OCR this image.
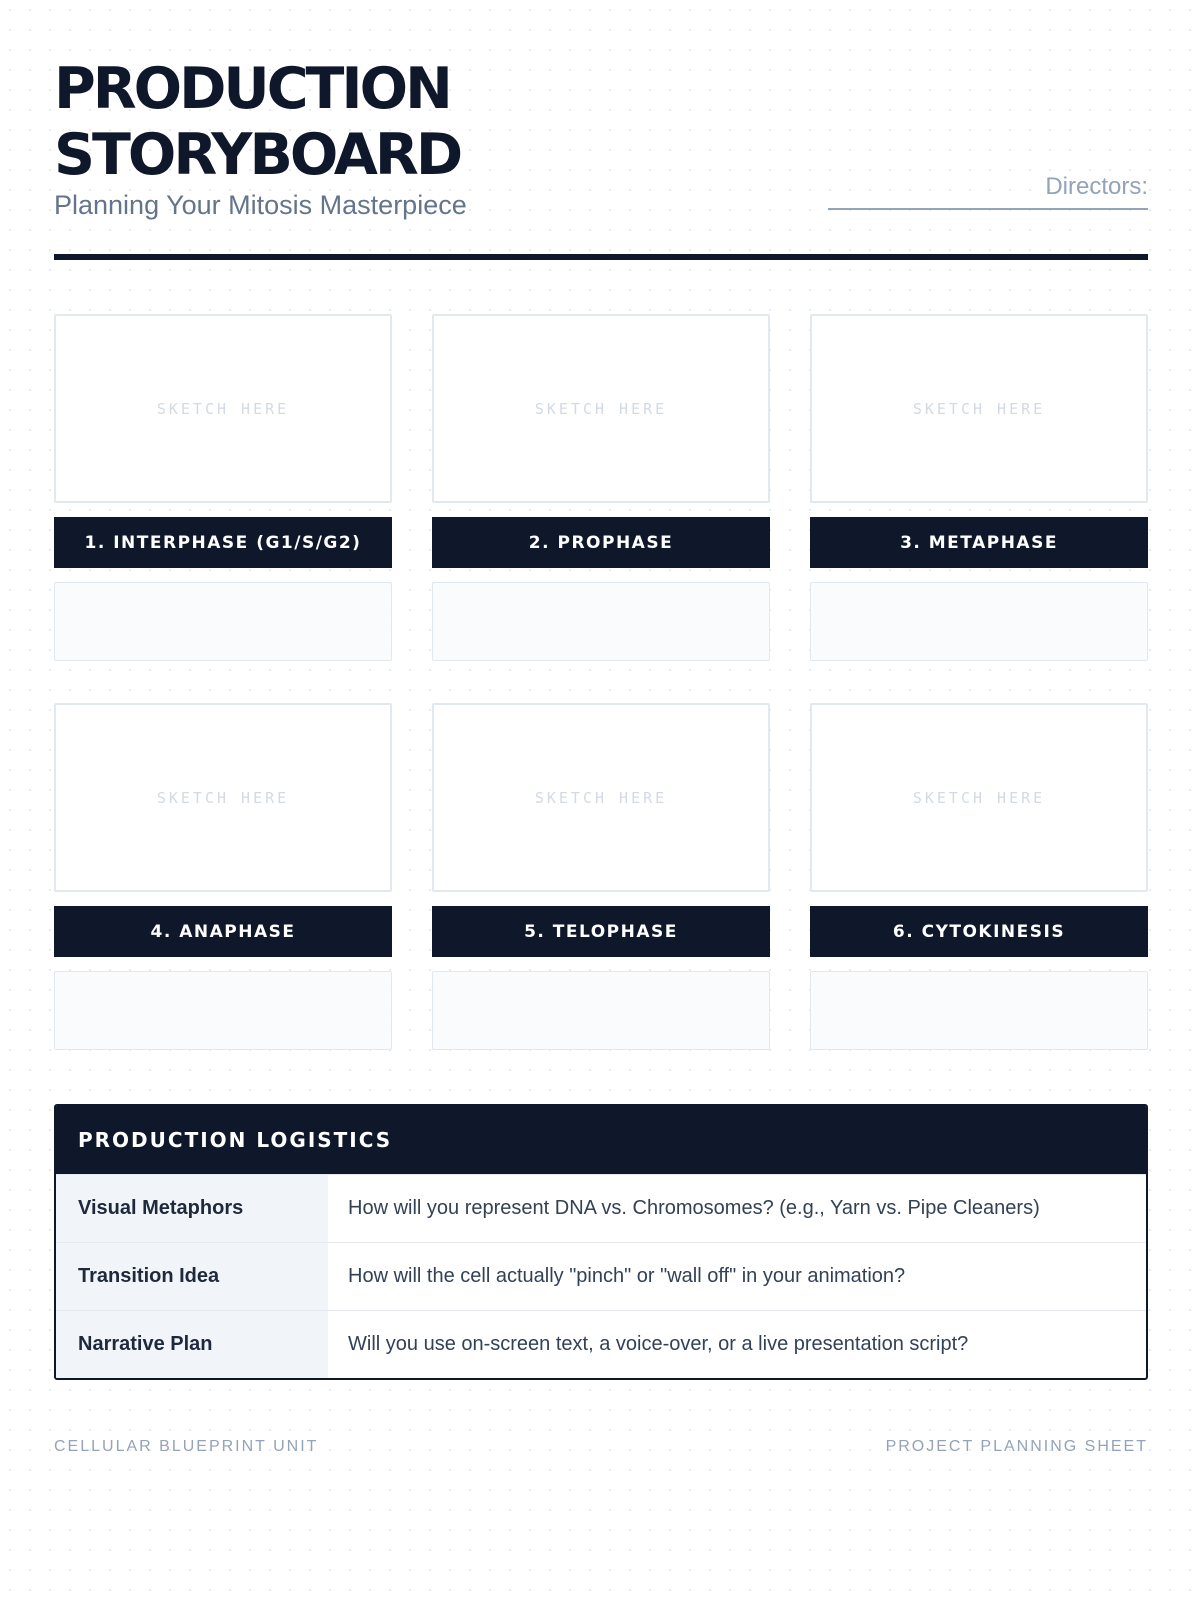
PRODUCTION
STORYBOARD
Planning Your Mitosis Masterpiece
Directors:
SKETCH HERE
1. INTERPHASE (G1/S/G2)
SKETCH HERE
2. PROPHASE
SKETCH HERE
3. METAPHASE
SKETCH HERE
4. ANAPHASE
SKETCH HERE
5. TELOPHASE
SKETCH HERE
6. CYTOKINESIS
PRODUCTION LOGISTICS
Visual Metaphors	How will you represent DNA vs. Chromosomes? (e.g., Yarn vs. Pipe Cleaners)
Transition Idea	How will the cell actually "pinch" or "wall off" in your animation?
Narrative Plan	Will you use on-screen text, a voice-over, or a live presentation script?
CELLULAR BLUEPRINT UNIT	PROJECT PLANNING SHEET
